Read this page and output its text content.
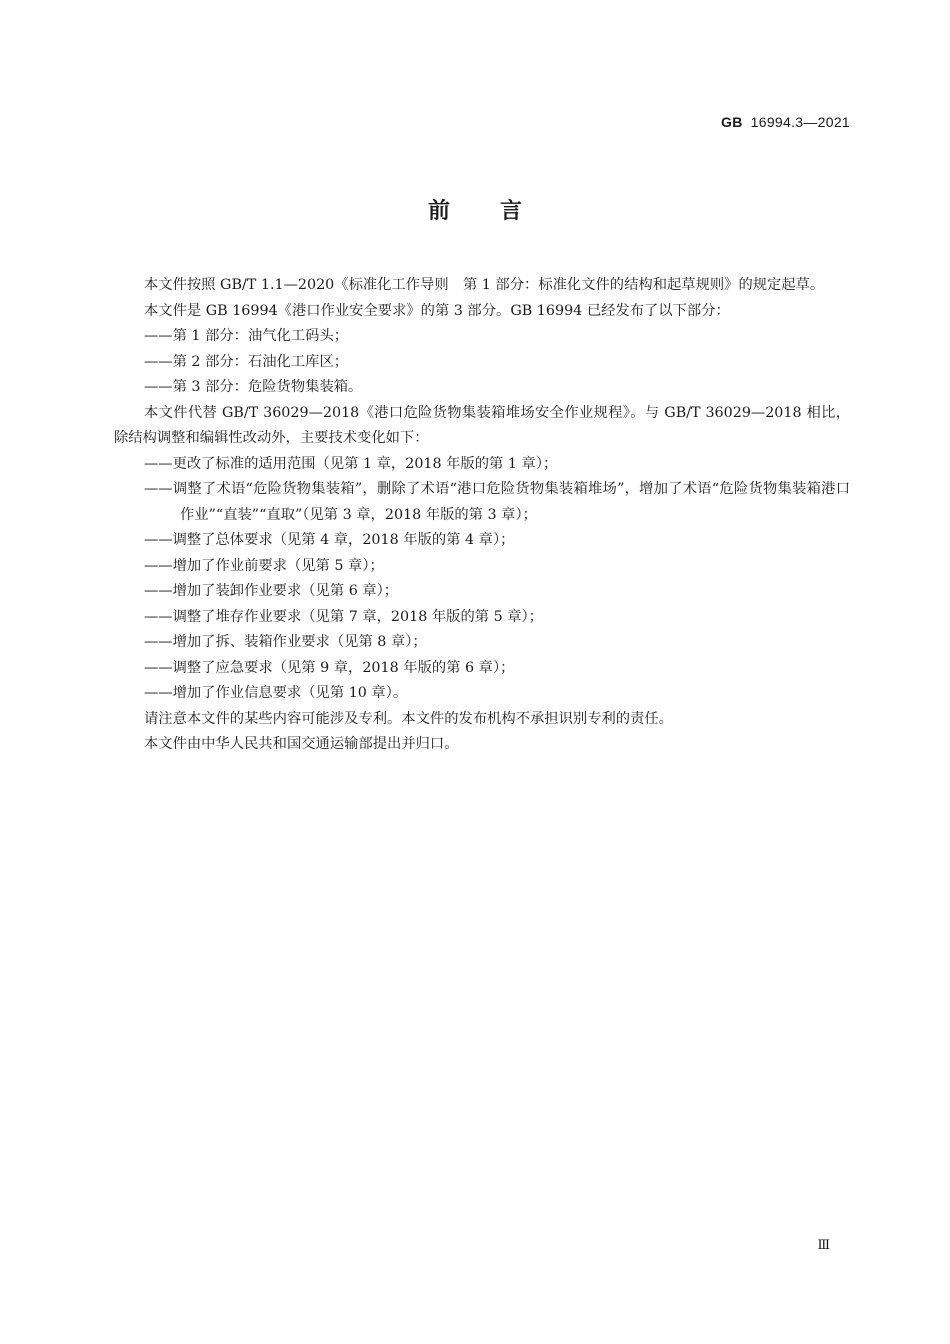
GB 16994.3—2021
前言

本文件按照 GB/T 1.1—2020《标准化工作导则　第 1 部分：标准化文件的结构和起草规则》的规定起草。

本文件是 GB 16994《港口作业安全要求》的第 3 部分。GB 16994 已经发布了以下部分：

——第 1 部分：油气化工码头；

——第 2 部分：石油化工库区；

——第 3 部分：危险货物集装箱。

本文件代替 GB/T 36029—2018《港口危险货物集装箱堆场安全作业规程》。与 GB/T 36029—2018 相比，除结构调整和编辑性改动外，主要技术变化如下：

——更改了标准的适用范围（见第 1 章，2018 年版的第 1 章）；

——调整了术语“危险货物集装箱”，删除了术语“港口危险货物集装箱堆场”，增加了术语“危险货物集装箱港口作业”“直装”“直取”（见第 3 章，2018 年版的第 3 章）；

——调整了总体要求（见第 4 章，2018 年版的第 4 章）；

——增加了作业前要求（见第 5 章）；

——增加了装卸作业要求（见第 6 章）；

——调整了堆存作业要求（见第 7 章，2018 年版的第 5 章）；

——增加了拆、装箱作业要求（见第 8 章）；

——调整了应急要求（见第 9 章，2018 年版的第 6 章）；

——增加了作业信息要求（见第 10 章）。

请注意本文件的某些内容可能涉及专利。本文件的发布机构不承担识别专利的责任。

本文件由中华人民共和国交通运输部提出并归口。

Ⅲ
